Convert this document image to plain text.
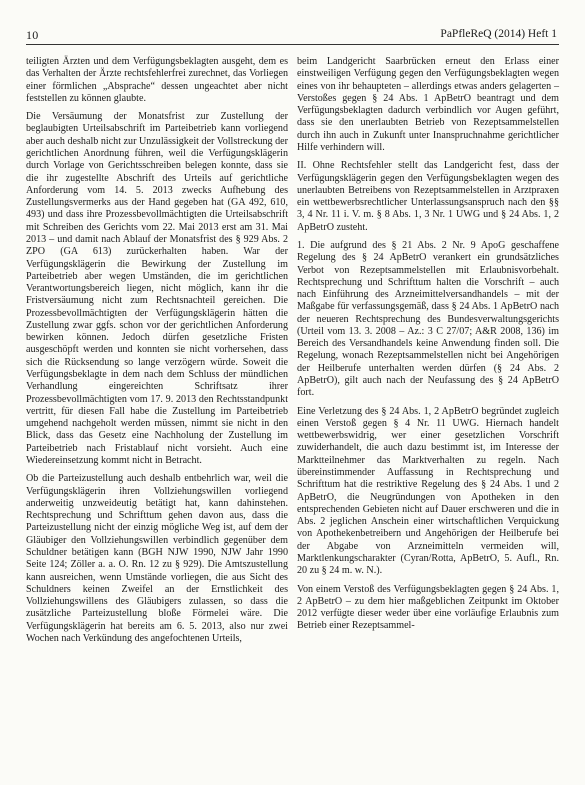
10	PaPfleReQ (2014) Heft 1

teiligten Ärzten und dem Verfügungsbeklagten ausgeht, dem es das Verhalten der Ärzte rechtsfehlerfrei zurechnet, das Vorliegen einer förmlichen „Absprache“ dessen ungeachtet aber nicht feststellen zu können glaubte.

Die Versäumung der Monatsfrist zur Zustellung der beglaubigten Urteilsabschrift im Parteibetrieb kann vorliegend aber auch deshalb nicht zur Unzulässigkeit der Vollstreckung der gerichtlichen Anordnung führen, weil die Verfügungsklägerin durch Vorlage von Gerichtsschreiben belegen konnte, dass sie die ihr zugestellte Abschrift des Urteils auf gerichtliche Anforderung vom 14. 5. 2013 zwecks Aufhebung des Zustellungsvermerks aus der Hand gegeben hat (GA 492, 610, 493) und dass ihre Prozessbevollmächtigten die Urteilsabschrift mit Schreiben des Gerichts vom 22. Mai 2013 erst am 31. Mai 2013 – und damit nach Ablauf der Monatsfrist des § 929 Abs. 2 ZPO (GA 613) zurückerhalten haben. War der Verfügungsklägerin die Bewirkung der Zustellung im Parteibetrieb aber wegen Umständen, die im gerichtlichen Verantwortungsbereich liegen, nicht möglich, kann ihr die Fristversäumung nicht zum Rechtsnachteil gereichen. Die Prozessbevollmächtigten der Verfügungsklägerin hätten die Zustellung zwar ggfs. schon vor der gerichtlichen Anforderung bewirken können. Jedoch dürfen gesetzliche Fristen ausgeschöpft werden und konnten sie nicht vorhersehen, dass sich die Rücksendung so lange verzögern würde. Soweit die Verfügungsbeklagte in dem nach dem Schluss der mündlichen Verhandlung eingereichten Schriftsatz ihrer Prozessbevollmächtigten vom 17. 9. 2013 den Rechtsstandpunkt vertritt, für diesen Fall habe die Zustellung im Parteibetrieb umgehend nachgeholt werden müssen, nimmt sie nicht in den Blick, dass das Gesetz eine Nachholung der Zustellung im Parteibetrieb nach Fristablauf nicht vorsieht. Auch eine Wiedereinsetzung kommt nicht in Betracht.

Ob die Parteizustellung auch deshalb entbehrlich war, weil die Verfügungsklägerin ihren Vollziehungswillen vorliegend anderweitig unzweideutig betätigt hat, kann dahinstehen. Rechtsprechung und Schrifttum gehen davon aus, dass die Parteizustellung nicht der einzig mögliche Weg ist, auf dem der Gläubiger den Vollziehungswillen verbindlich gegenüber dem Schuldner betätigen kann (BGH NJW 1990, NJW Jahr 1990 Seite 124; Zöller a. a. O. Rn. 12 zu § 929). Die Amtszustellung kann ausreichen, wenn Umstände vorliegen, die aus Sicht des Schuldners keinen Zweifel an der Ernstlichkeit des Vollziehungswillens des Gläubigers zulassen, so dass die zusätzliche Parteizustellung bloße Förmelei wäre. Die Verfügungsklägerin hat bereits am 6. 5. 2013, also nur zwei Wochen nach Verkündung des angefochtenen Urteils,

beim Landgericht Saarbrücken erneut den Erlass einer einstweiligen Verfügung gegen den Verfügungsbeklagten wegen eines von ihr behaupteten – allerdings etwas anders gelagerten – Verstoßes gegen § 24 Abs. 1 ApBetrO beantragt und dem Verfügungsbeklagten dadurch verbindlich vor Augen geführt, dass sie den unerlaubten Betrieb von Rezeptsammelstellen durch ihn auch in Zukunft unter Inanspruchnahme gerichtlicher Hilfe verhindern will.

II. Ohne Rechtsfehler stellt das Landgericht fest, dass der Verfügungsklägerin gegen den Verfügungsbeklagten wegen des unerlaubten Betreibens von Rezeptsammelstellen in Arztpraxen ein wettbewerbsrechtlicher Unterlassungsanspruch nach den §§ 3, 4 Nr. 11 i. V. m. § 8 Abs. 1, 3 Nr. 1 UWG und § 24 Abs. 1, 2 ApBetrO zusteht.

1. Die aufgrund des § 21 Abs. 2 Nr. 9 ApoG geschaffene Regelung des § 24 ApBetrO verankert ein grundsätzliches Verbot von Rezeptsammelstellen mit Erlaubnisvorbehalt. Rechtsprechung und Schrifttum halten die Vorschrift – auch nach Einführung des Arzneimittelversandhandels – mit der Maßgabe für verfassungsgemäß, dass § 24 Abs. 1 ApBetrO nach der neueren Rechtsprechung des Bundesverwaltungsgerichts (Urteil vom 13. 3. 2008 – Az.: 3 C 27/07; A&R 2008, 136) im Bereich des Versandhandels keine Anwendung finden soll. Die Regelung, wonach Rezeptsammelstellen nicht bei Angehörigen der Heilberufe unterhalten werden dürfen (§ 24 Abs. 2 ApBetrO), gilt auch nach der Neufassung des § 24 ApBetrO fort.

Eine Verletzung des § 24 Abs. 1, 2 ApBetrO begründet zugleich einen Verstoß gegen § 4 Nr. 11 UWG. Hiernach handelt wettbewerbswidrig, wer einer gesetzlichen Vorschrift zuwiderhandelt, die auch dazu bestimmt ist, im Interesse der Marktteilnehmer das Marktverhalten zu regeln. Nach übereinstimmender Auffassung in Rechtsprechung und Schrifttum hat die restriktive Regelung des § 24 Abs. 1 und 2 ApBetrO, die Neugründungen von Apotheken in den entsprechenden Gebieten nicht auf Dauer erschweren und die in Abs. 2 jeglichen Anschein einer wirtschaftlichen Verquickung von Apothekenbetreibern und Angehörigen der Heilberufe bei der Abgabe von Arzneimitteln vermeiden will, Marktlenkungscharakter (Cyran/Rotta, ApBetrO, 5. Aufl., Rn. 20 zu § 24 m. w. N.).

Von einem Verstoß des Verfügungsbeklagten gegen § 24 Abs. 1, 2 ApBetrO – zu dem hier maßgeblichen Zeitpunkt im Oktober 2012 verfügte dieser weder über eine vorläufige Erlaubnis zum Betrieb einer Rezeptsammel-
